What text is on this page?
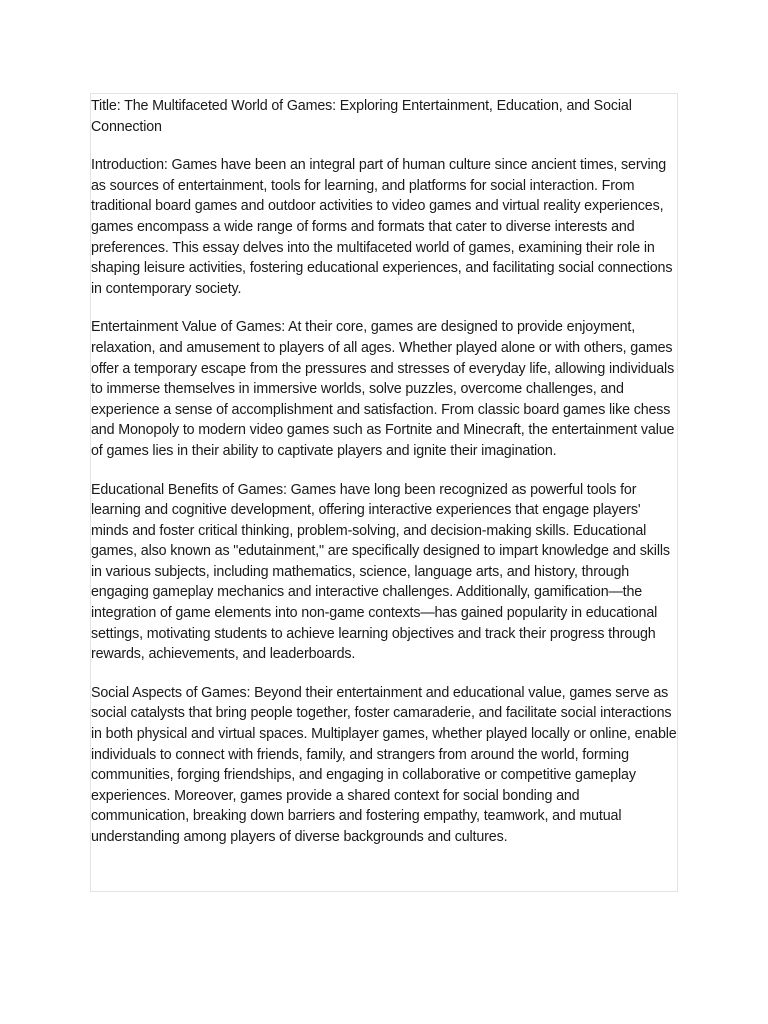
Title: The Multifaceted World of Games: Exploring Entertainment, Education, and Social Connection

Introduction: Games have been an integral part of human culture since ancient times, serving as sources of entertainment, tools for learning, and platforms for social interaction. From traditional board games and outdoor activities to video games and virtual reality experiences, games encompass a wide range of forms and formats that cater to diverse interests and preferences. This essay delves into the multifaceted world of games, examining their role in shaping leisure activities, fostering educational experiences, and facilitating social connections in contemporary society.

Entertainment Value of Games: At their core, games are designed to provide enjoyment, relaxation, and amusement to players of all ages. Whether played alone or with others, games offer a temporary escape from the pressures and stresses of everyday life, allowing individuals to immerse themselves in immersive worlds, solve puzzles, overcome challenges, and experience a sense of accomplishment and satisfaction. From classic board games like chess and Monopoly to modern video games such as Fortnite and Minecraft, the entertainment value of games lies in their ability to captivate players and ignite their imagination.

Educational Benefits of Games: Games have long been recognized as powerful tools for learning and cognitive development, offering interactive experiences that engage players' minds and foster critical thinking, problem-solving, and decision-making skills. Educational games, also known as "edutainment," are specifically designed to impart knowledge and skills in various subjects, including mathematics, science, language arts, and history, through engaging gameplay mechanics and interactive challenges. Additionally, gamification—the integration of game elements into non-game contexts—has gained popularity in educational settings, motivating students to achieve learning objectives and track their progress through rewards, achievements, and leaderboards.

Social Aspects of Games: Beyond their entertainment and educational value, games serve as social catalysts that bring people together, foster camaraderie, and facilitate social interactions in both physical and virtual spaces. Multiplayer games, whether played locally or online, enable individuals to connect with friends, family, and strangers from around the world, forming communities, forging friendships, and engaging in collaborative or competitive gameplay experiences. Moreover, games provide a shared context for social bonding and communication, breaking down barriers and fostering empathy, teamwork, and mutual understanding among players of diverse backgrounds and cultures.
